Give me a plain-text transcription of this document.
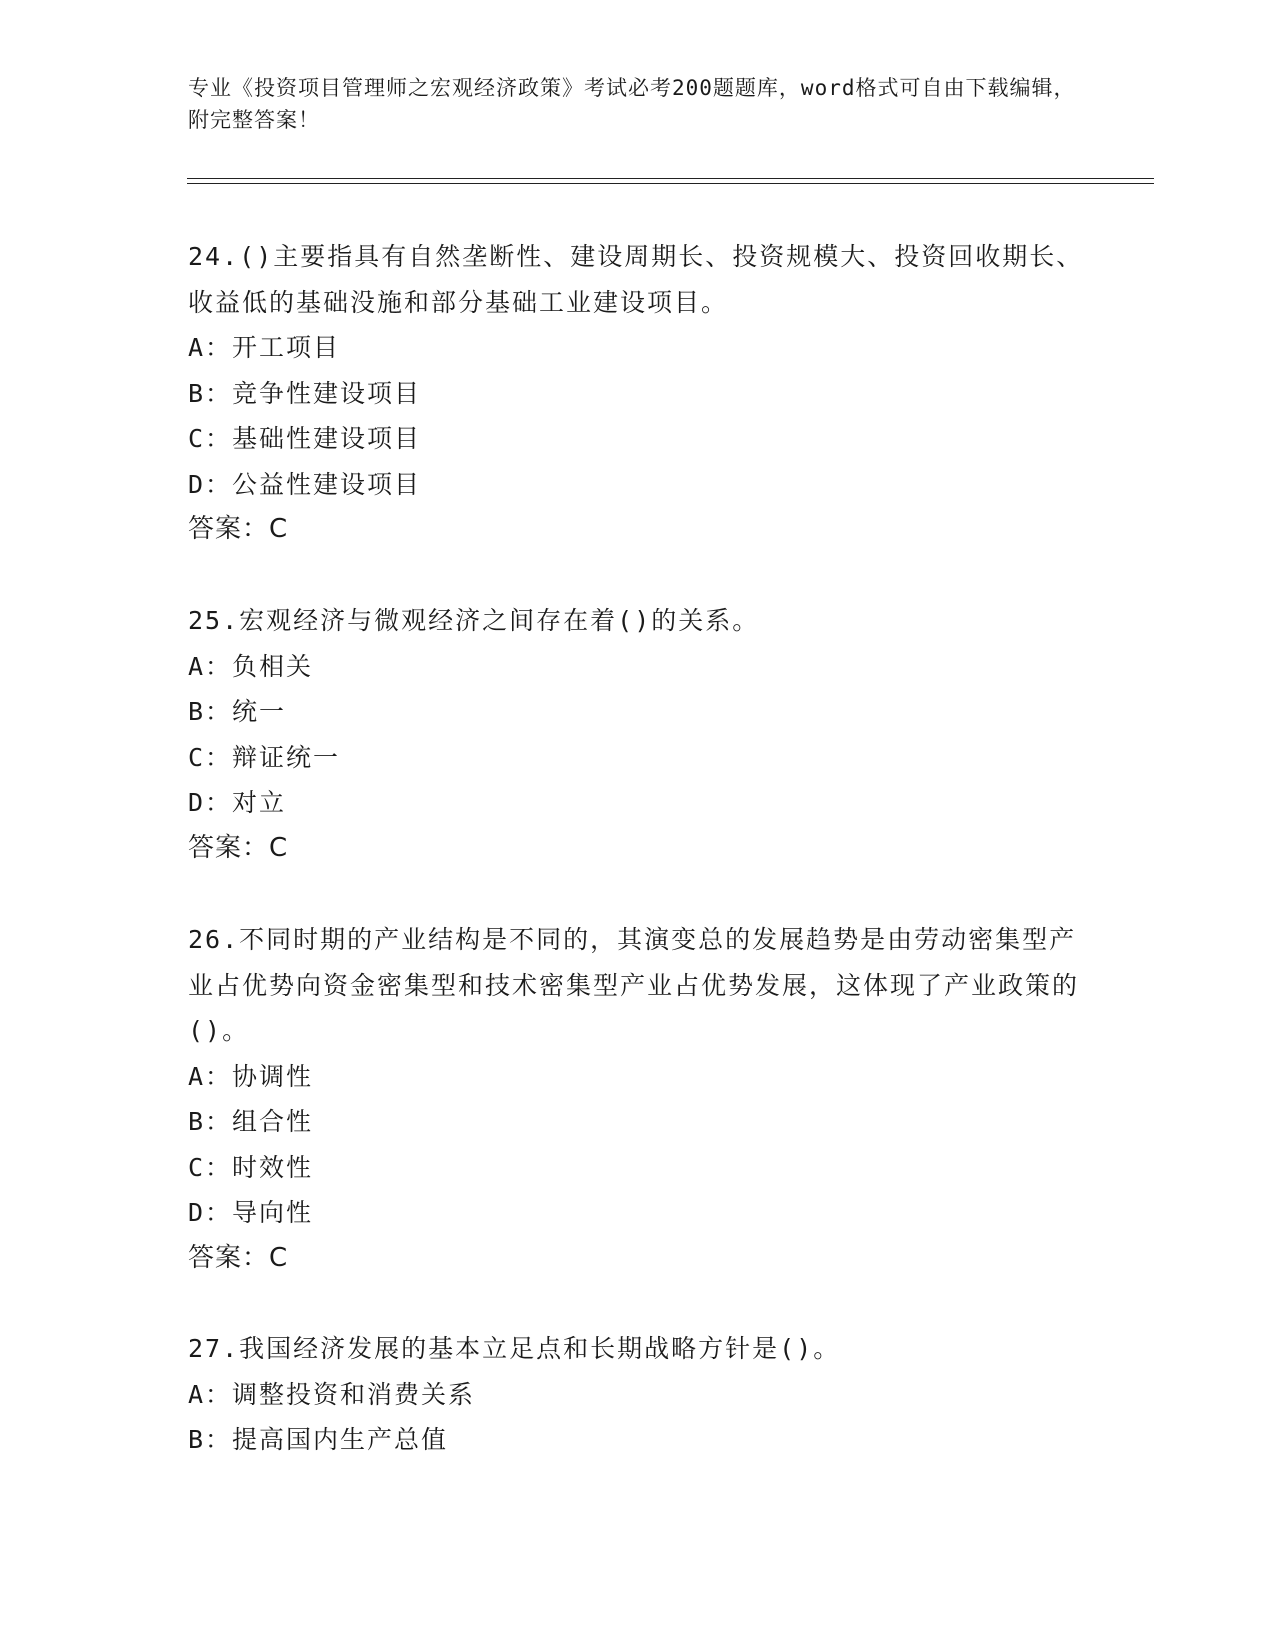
专业《投资项目管理师之宏观经济政策》考试必考200题题库，word格式可自由下载编辑，附完整答案！
24.()主要指具有自然垄断性、建设周期长、投资规模大、投资回收期长、收益低的基础没施和部分基础工业建设项目。
A：开工项目
B：竞争性建设项目
C：基础性建设项目
D：公益性建设项目
答案：C
25.宏观经济与微观经济之间存在着()的关系。
A：负相关
B：统一
C：辩证统一
D：对立
答案：C
26.不同时期的产业结构是不同的，其演变总的发展趋势是由劳动密集型产业占优势向资金密集型和技术密集型产业占优势发展，这体现了产业政策的()。
A：协调性
B：组合性
C：时效性
D：导向性
答案：C
27.我国经济发展的基本立足点和长期战略方针是()。
A：调整投资和消费关系
B：提高国内生产总值
